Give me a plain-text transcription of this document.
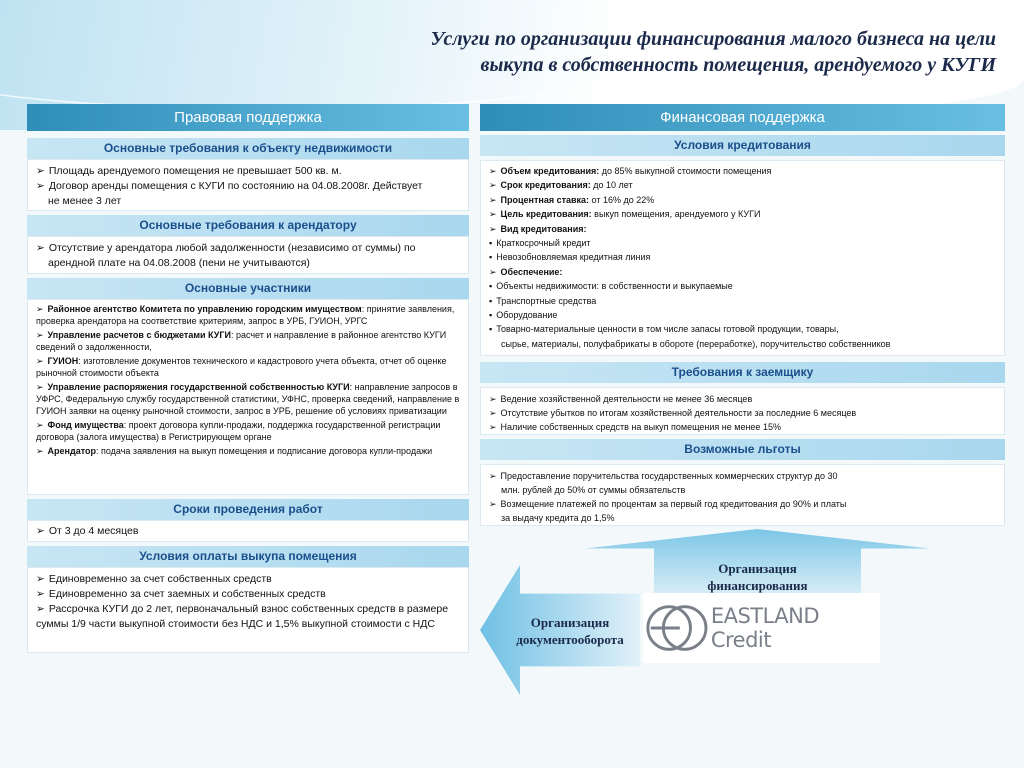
Услуги по организации финансирования малого бизнеса на цели
выкупа в собственность помещения, арендуемого у КУГИ
Правовая поддержка
Основные требования к объекту недвижимости
➢ Площадь арендуемого помещения не превышает 500 кв. м.
➢ Договор аренды помещения с КУГИ по состоянию на 04.08.2008г. Действует
не менее 3 лет
Основные требования к арендатору
➢ Отсутствие у арендатора любой задолженности (независимо от суммы) по
арендной плате на 04.08.2008 (пени не учитываются)
Основные участники
➢ Районное агентство Комитета по управлению городским имуществом: принятие заявления, проверка арендатора на соответствие критериям, запрос в УРБ, ГУИОН, УРГС
➢ Управление расчетов с бюджетами КУГИ: расчет и направление в районное агентство КУГИ сведений о задолженности,
➢ ГУИОН: изготовление документов технического и кадастрового учета объекта, отчет об оценке рыночной стоимости объекта
➢ Управление распоряжения государственной собственностью КУГИ: направление запросов в УФРС, Федеральную службу государственной статистики, УФНС, проверка сведений, направление в ГУИОН заявки на оценку рыночной стоимости, запрос в УРБ, решение об условиях приватизации
➢ Фонд имущества: проект договора купли-продажи, поддержка государственной регистрации договора (залога имущества) в Регистрирующем органе
➢ Арендатор: подача заявления на выкуп помещения и подписание договора купли-продажи
Сроки проведения работ
➢ От 3 до 4 месяцев
Условия оплаты выкупа помещения
➢ Единовременно за счет собственных средств
➢ Единовременно за счет заемных и собственных средств
➢ Рассрочка КУГИ до 2 лет, первоначальный взнос собственных средств в размере суммы 1/9 части выкупной стоимости без НДС и 1,5% выкупной стоимости с НДС
Финансовая поддержка
Условия кредитования
➢ Объем кредитования: до 85% выкупной стоимости помещения
➢ Срок кредитования: до 10 лет
➢ Процентная ставка: от 16% до 22%
➢ Цель кредитования: выкуп помещения, арендуемого у КУГИ
➢ Вид кредитования:
▪ Краткосрочный кредит
▪ Невозобновляемая кредитная линия
➢ Обеспечение:
▪ Объекты недвижимости: в собственности и выкупаемые
▪ Транспортные средства
▪ Оборудование
▪ Товарно-материальные ценности в том числе запасы готовой продукции, товары,
сырье, материалы, полуфабрикаты в обороте (переработке), поручительство собственников
Требования к заемщику
➢ Ведение хозяйственной деятельности не менее 36 месяцев
➢ Отсутствие убытков по итогам хозяйственной деятельности за последние 6 месяцев
➢ Наличие собственных средств на выкуп помещения не менее 15%
Возможные льготы
➢ Предоставление поручительства государственных коммерческих структур до 30
млн. рублей до 50% от суммы обязательств
➢ Возмещение платежей по процентам за первый год кредитования до 90% и платы
за выдачу кредита до 1,5%
Организация
финансирования
Организация
документооборота
EASTLAND Credit
